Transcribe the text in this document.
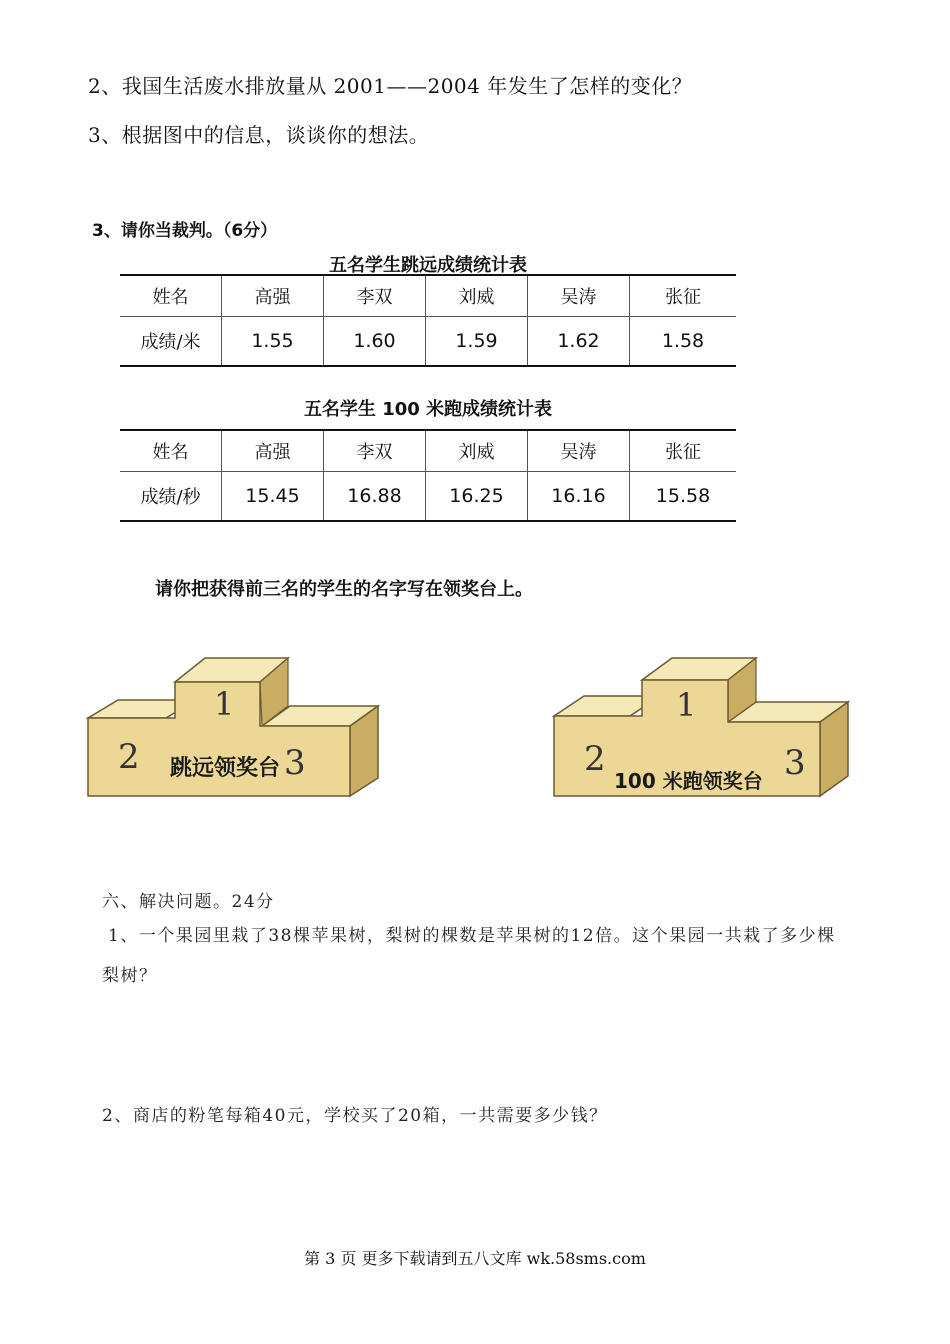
2、我国生活废水排放量从 2001——2004 年发生了怎样的变化？
3、根据图中的信息，谈谈你的想法。
3、请你当裁判。（6分）
五名学生跳远成绩统计表
姓名	高强	李双	刘威	吴涛	张征
成绩/米	1.55	1.60	1.59	1.62	1.58
五名学生 100 米跑成绩统计表
姓名	高强	李双	刘威	吴涛	张征
成绩/秒	15.45	16.88	16.25	16.16	15.58
请你把获得前三名的学生的名字写在领奖台上。
1
2	3
跳远领奖台
1
2	3
100 米跑领奖台
六、解决问题。24分
1、一个果园里栽了38棵苹果树，梨树的棵数是苹果树的12倍。这个果园一共栽了多少棵
梨树？
2、商店的粉笔每箱40元，学校买了20箱，一共需要多少钱？
第 3 页 更多下载请到五八文库 wk.58sms.com
